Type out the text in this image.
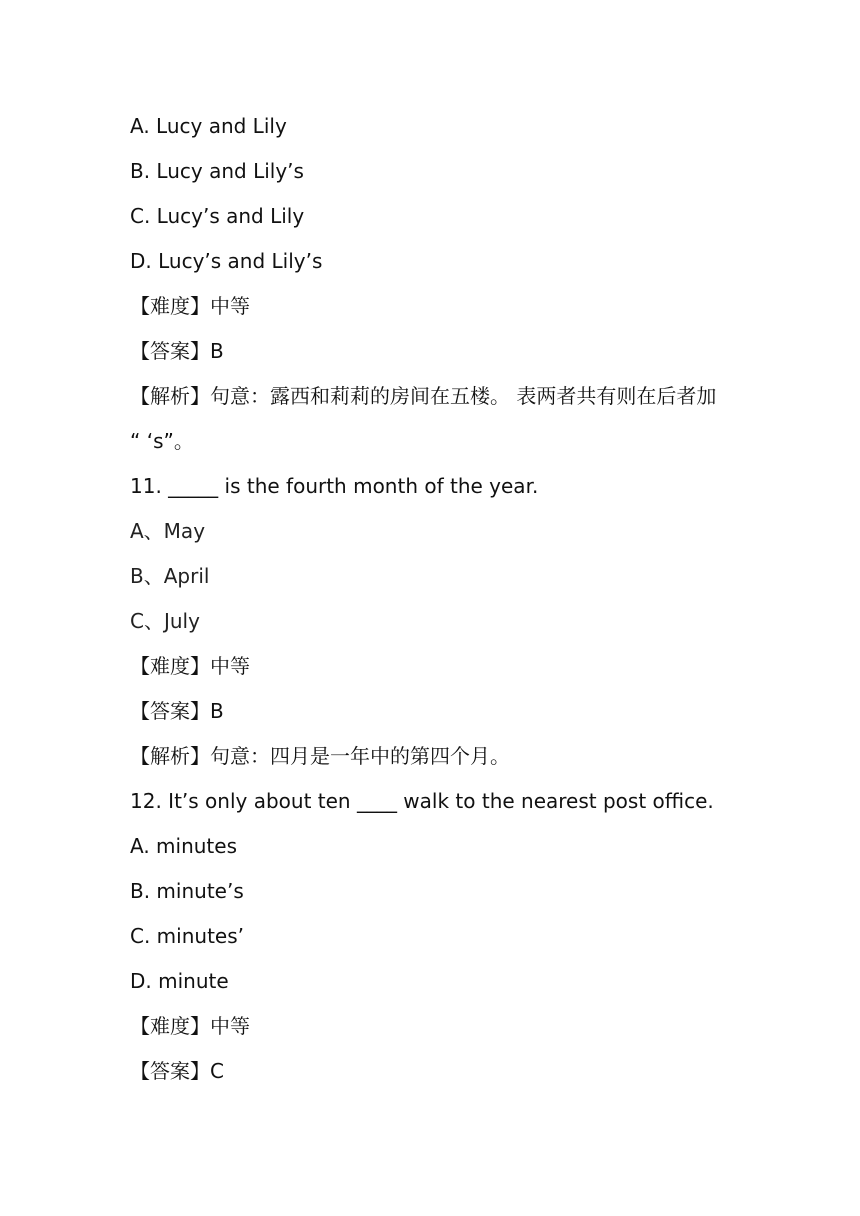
A. Lucy and Lily
B. Lucy and Lily’s
C. Lucy’s and Lily
D. Lucy’s and Lily’s
【难度】中等
【答案】B
【解析】句意：露西和莉莉的房间在五楼。 表两者共有则在后者加
“ ‘s”。
11. _____ is the fourth month of the year.
A、May
B、April
C、July
【难度】中等
【答案】B
【解析】句意：四月是一年中的第四个月。
12. It’s only about ten ____ walk to the nearest post office.
A. minutes
B. minute’s
C. minutes’
D. minute
【难度】中等
【答案】C
